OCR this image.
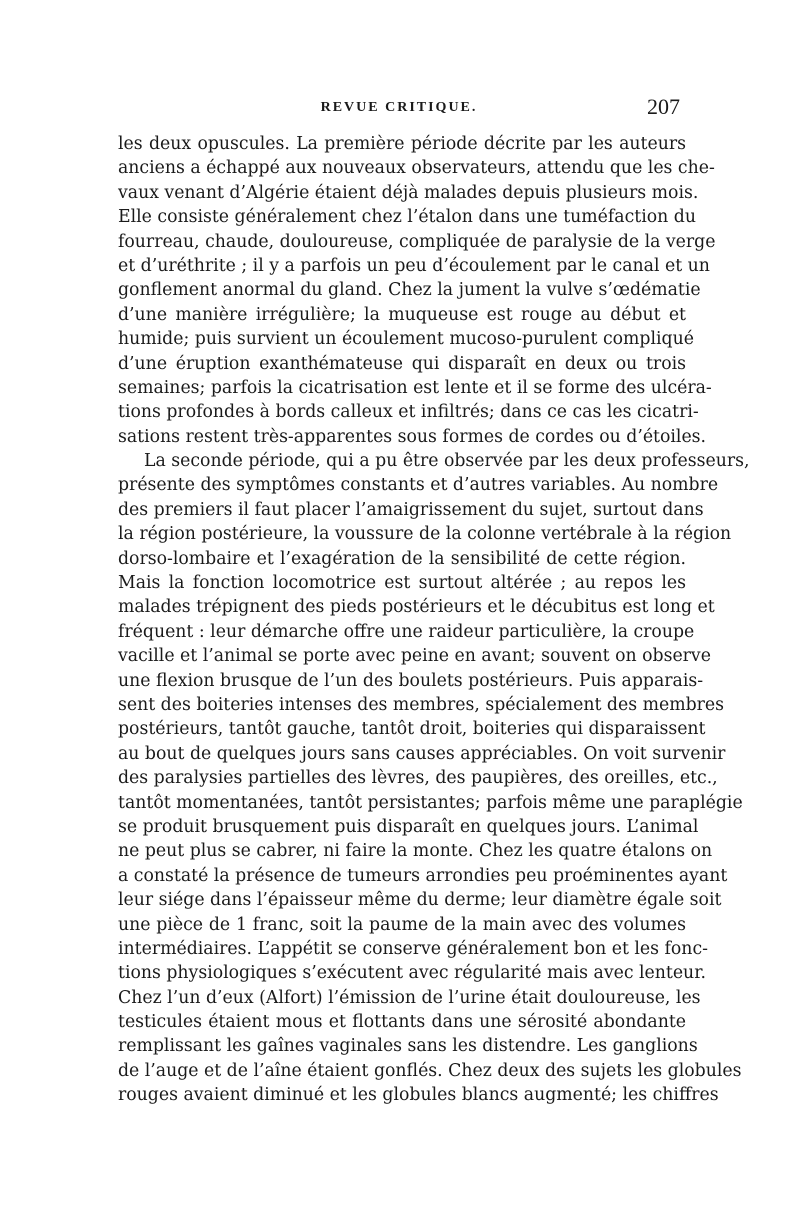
REVUE CRITIQUE.	207
les deux opuscules. La première période décrite par les auteurs
anciens a échappé aux nouveaux observateurs, attendu que les che-
vaux venant d’Algérie étaient déjà malades depuis plusieurs mois.
Elle consiste généralement chez l’étalon dans une tuméfaction du
fourreau, chaude, douloureuse, compliquée de paralysie de la verge
et d’uréthrite ; il y a parfois un peu d’écoulement par le canal et un
gonflement anormal du gland. Chez la jument la vulve s’œdématie
d’une manière irrégulière; la muqueuse est rouge au début et
humide; puis survient un écoulement mucoso-purulent compliqué
d’une éruption exanthémateuse qui disparaît en deux ou trois
semaines; parfois la cicatrisation est lente et il se forme des ulcéra-
tions profondes à bords calleux et infiltrés; dans ce cas les cicatri-
sations restent très-apparentes sous formes de cordes ou d’étoiles.
La seconde période, qui a pu être observée par les deux professeurs,
présente des symptômes constants et d’autres variables. Au nombre
des premiers il faut placer l’amaigrissement du sujet, surtout dans
la région postérieure, la voussure de la colonne vertébrale à la région
dorso-lombaire et l’exagération de la sensibilité de cette région.
Mais la fonction locomotrice est surtout altérée ; au repos les
malades trépignent des pieds postérieurs et le décubitus est long et
fréquent : leur démarche offre une raideur particulière, la croupe
vacille et l’animal se porte avec peine en avant; souvent on observe
une flexion brusque de l’un des boulets postérieurs. Puis apparais-
sent des boiteries intenses des membres, spécialement des membres
postérieurs, tantôt gauche, tantôt droit, boiteries qui disparaissent
au bout de quelques jours sans causes appréciables. On voit survenir
des paralysies partielles des lèvres, des paupières, des oreilles, etc.,
tantôt momentanées, tantôt persistantes; parfois même une paraplégie
se produit brusquement puis disparaît en quelques jours. L’animal
ne peut plus se cabrer, ni faire la monte. Chez les quatre étalons on
a constaté la présence de tumeurs arrondies peu proéminentes ayant
leur siége dans l’épaisseur même du derme; leur diamètre égale soit
une pièce de 1 franc, soit la paume de la main avec des volumes
intermédiaires. L’appétit se conserve généralement bon et les fonc-
tions physiologiques s’exécutent avec régularité mais avec lenteur.
Chez l’un d’eux (Alfort) l’émission de l’urine était douloureuse, les
testicules étaient mous et flottants dans une sérosité abondante
remplissant les gaînes vaginales sans les distendre. Les ganglions
de l’auge et de l’aîne étaient gonflés. Chez deux des sujets les globules
rouges avaient diminué et les globules blancs augmenté; les chiffres
